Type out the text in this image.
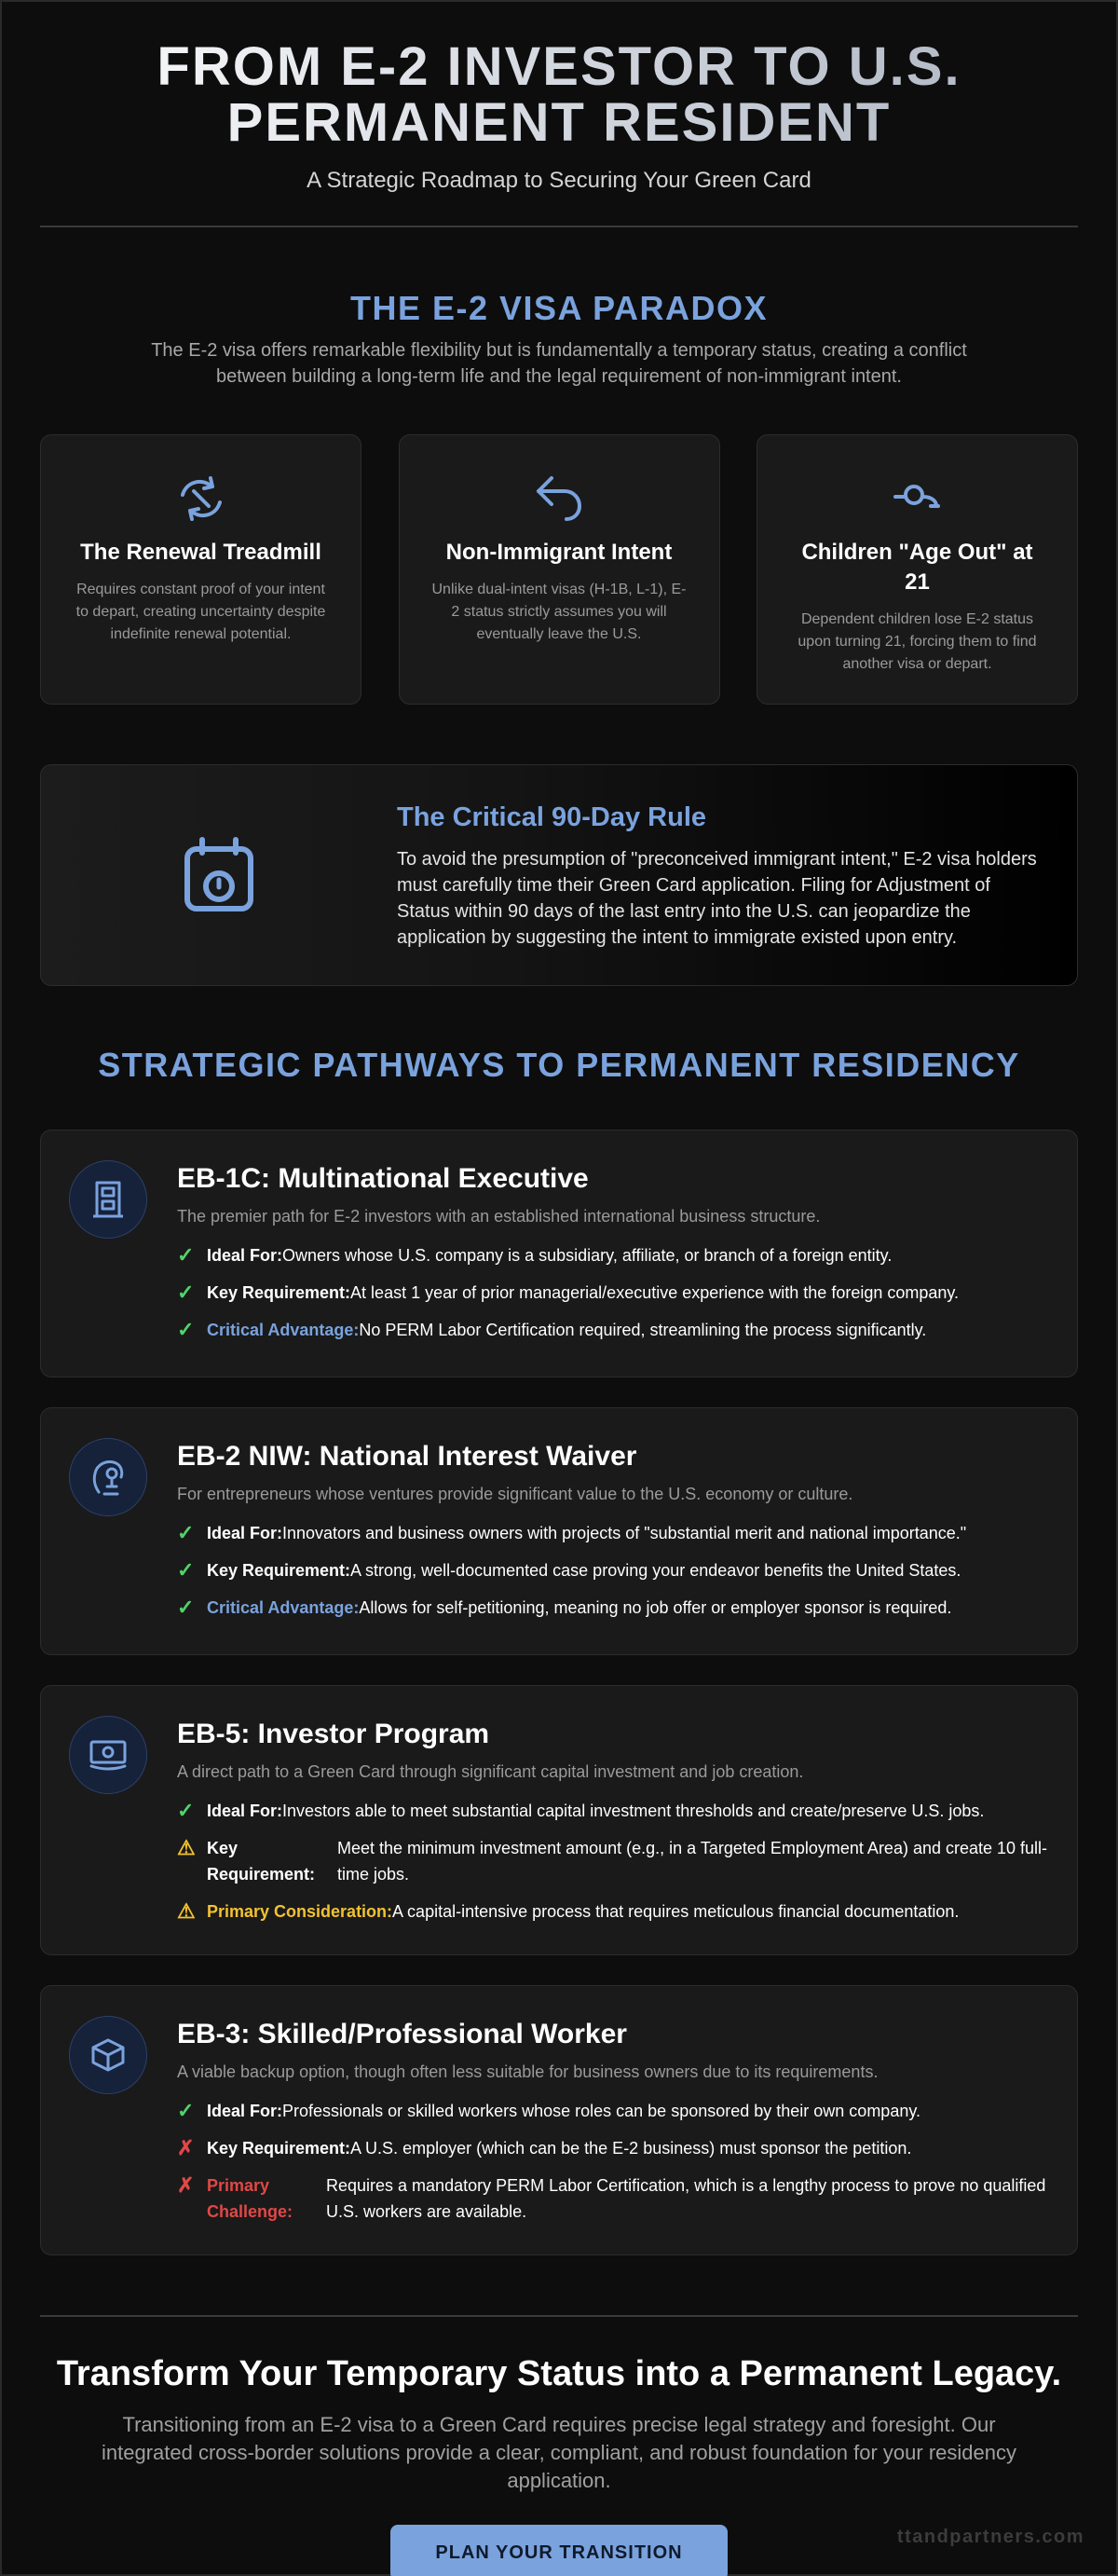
FROM E-2 INVESTOR TO U.S.
PERMANENT RESIDENT
A Strategic Roadmap to Securing Your Green Card
THE E-2 VISA PARADOX

The E-2 visa offers remarkable flexibility but is fundamentally a temporary status, creating a conflict between building a long-term life and the legal requirement of non-immigrant intent.

The Renewal Treadmill

Requires constant proof of your intent to depart, creating uncertainty despite indefinite renewal potential.

Non-Immigrant Intent

Unlike dual-intent visas (H-1B, L-1), E-2 status strictly assumes you will eventually leave the U.S.

Children "Age Out" at 21

Dependent children lose E-2 status upon turning 21, forcing them to find another visa or depart.

The Critical 90-Day Rule

To avoid the presumption of "preconceived immigrant intent," E-2 visa holders must carefully time their Green Card application. Filing for Adjustment of Status within 90 days of the last entry into the U.S. can jeopardize the application by suggesting the intent to immigrate existed upon entry.

STRATEGIC PATHWAYS TO PERMANENT RESIDENCY
EB-1C: Multinational Executive

The premier path for E-2 investors with an established international business structure.

✓ Ideal For: Owners whose U.S. company is a subsidiary, affiliate, or branch of a foreign entity.
✓ Key Requirement: At least 1 year of prior managerial/executive experience with the foreign company.
✓ Critical Advantage: No PERM Labor Certification required, streamlining the process significantly.
EB-2 NIW: National Interest Waiver

For entrepreneurs whose ventures provide significant value to the U.S. economy or culture.

✓ Ideal For: Innovators and business owners with projects of "substantial merit and national importance."
✓ Key Requirement: A strong, well-documented case proving your endeavor benefits the United States.
✓ Critical Advantage: Allows for self-petitioning, meaning no job offer or employer sponsor is required.
EB-5: Investor Program

A direct path to a Green Card through significant capital investment and job creation.

✓ Ideal For: Investors able to meet substantial capital investment thresholds and create/preserve U.S. jobs.
⚠ Key Requirement:
Meet the minimum investment amount (e.g., in a Targeted Employment Area) and create 10 full-time jobs.
⚠ Primary Consideration: A capital-intensive process that requires meticulous financial documentation.
EB-3: Skilled/Professional Worker

A viable backup option, though often less suitable for business owners due to its requirements.

✓ Ideal For: Professionals or skilled workers whose roles can be sponsored by their own company.
✗ Key Requirement: A U.S. employer (which can be the E-2 business) must sponsor the petition.
✗ Primary Challenge:
Requires a mandatory PERM Labor Certification, which is a lengthy process to prove no qualified U.S. workers are available.
Transform Your Temporary Status into a Permanent Legacy.

Transitioning from an E-2 visa to a Green Card requires precise legal strategy and foresight. Our integrated cross-border solutions provide a clear, compliant, and robust foundation for your residency application.

PLAN YOUR TRANSITION
ttandpartners.com
